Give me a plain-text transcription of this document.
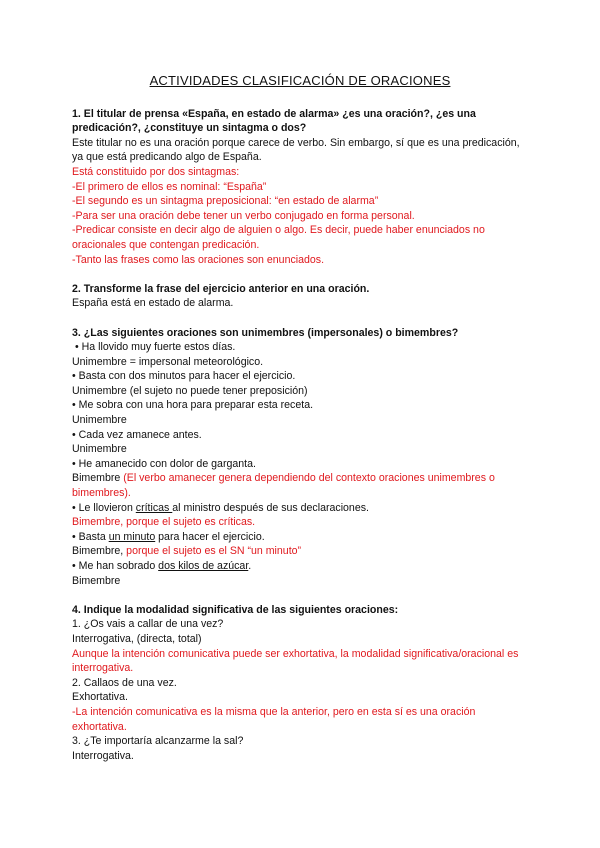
ACTIVIDADES CLASIFICACIÓN DE ORACIONES
1. El titular de prensa «España, en estado de alarma» ¿es una oración?, ¿es una predicación?, ¿constituye un sintagma o dos?
Este titular no es una oración porque carece de verbo. Sin embargo, sí que es una predicación, ya que está predicando algo de España.
Está constituido por dos sintagmas:
-El primero de ellos es nominal: “España”
-El segundo es un sintagma preposicional: “en estado de alarma”
-Para ser una oración debe tener un verbo conjugado en forma personal.
-Predicar consiste en decir algo de alguien o algo. Es decir, puede haber enunciados no oracionales que contengan predicación.
-Tanto las frases como las oraciones son enunciados.
2. Transforme la frase del ejercicio anterior en una oración.
España está en estado de alarma.
3. ¿Las siguientes oraciones son unimembres (impersonales) o bimembres?
• Ha llovido muy fuerte estos días.
Unimembre = impersonal meteorológico.
• Basta con dos minutos para hacer el ejercicio.
Unimembre (el sujeto no puede tener preposición)
• Me sobra con una hora para preparar esta receta.
Unimembre
• Cada vez amanece antes.
Unimembre
• He amanecido con dolor de garganta.
Bimembre (El verbo amanecer genera dependiendo del contexto oraciones unimembres o bimembres).
• Le llovieron críticas al ministro después de sus declaraciones.
Bimembre, porque el sujeto es críticas.
• Basta un minuto para hacer el ejercicio.
Bimembre, porque el sujeto es el SN “un minuto”
• Me han sobrado dos kilos de azúcar.
Bimembre
4. Indique la modalidad significativa de las siguientes oraciones:
1. ¿Os vais a callar de una vez?
Interrogativa, (directa, total)
Aunque la intención comunicativa puede ser exhortativa, la modalidad significativa/oracional es interrogativa.
2. Callaos de una vez.
Exhortativa.
-La intención comunicativa es la misma que la anterior, pero en esta sí es una oración exhortativa.
3. ¿Te importaría alcanzarme la sal?
Interrogativa.
